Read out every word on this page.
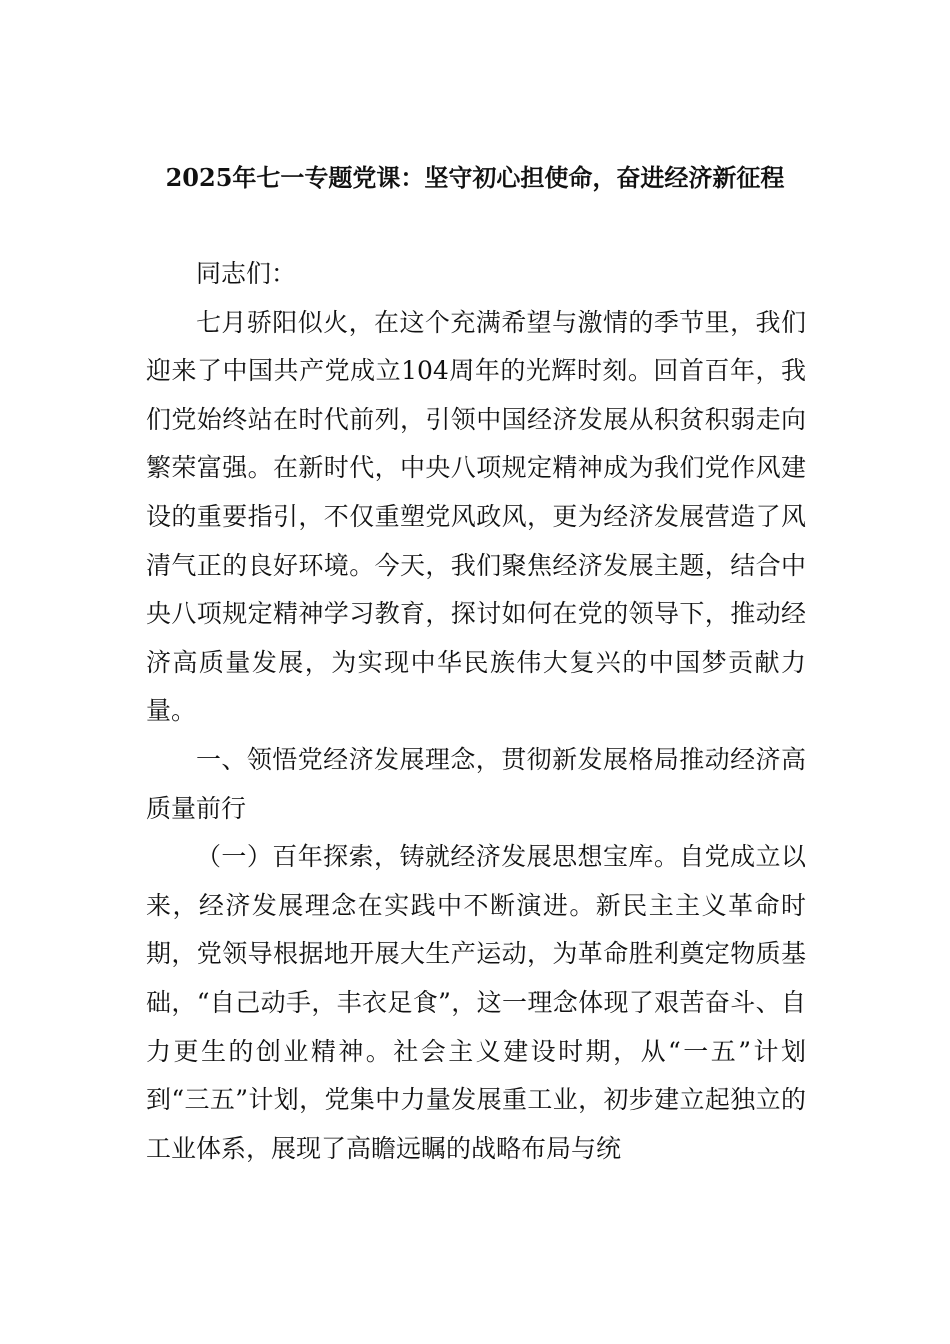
2025年七一专题党课：坚守初心担使命，奋进经济新征程

同志们：

七月骄阳似火，在这个充满希望与激情的季节里，我们迎来了中国共产党成立104周年的光辉时刻。回首百年，我们党始终站在时代前列，引领中国经济发展从积贫积弱走向繁荣富强。在新时代，中央八项规定精神成为我们党作风建设的重要指引，不仅重塑党风政风，更为经济发展营造了风清气正的良好环境。今天，我们聚焦经济发展主题，结合中央八项规定精神学习教育，探讨如何在党的领导下，推动经济高质量发展，为实现中华民族伟大复兴的中国梦贡献力量。

一、领悟党经济发展理念，贯彻新发展格局推动经济高质量前行

（一）百年探索，铸就经济发展思想宝库。自党成立以来，经济发展理念在实践中不断演进。新民主主义革命时期，党领导根据地开展大生产运动，为革命胜利奠定物质基础，“自己动手，丰衣足食”，这一理念体现了艰苦奋斗、自力更生的创业精神。社会主义建设时期，从“一五”计划到“三五”计划，党集中力量发展重工业，初步建立起独立的工业体系，展现了高瞻远瞩的战略布局与统
